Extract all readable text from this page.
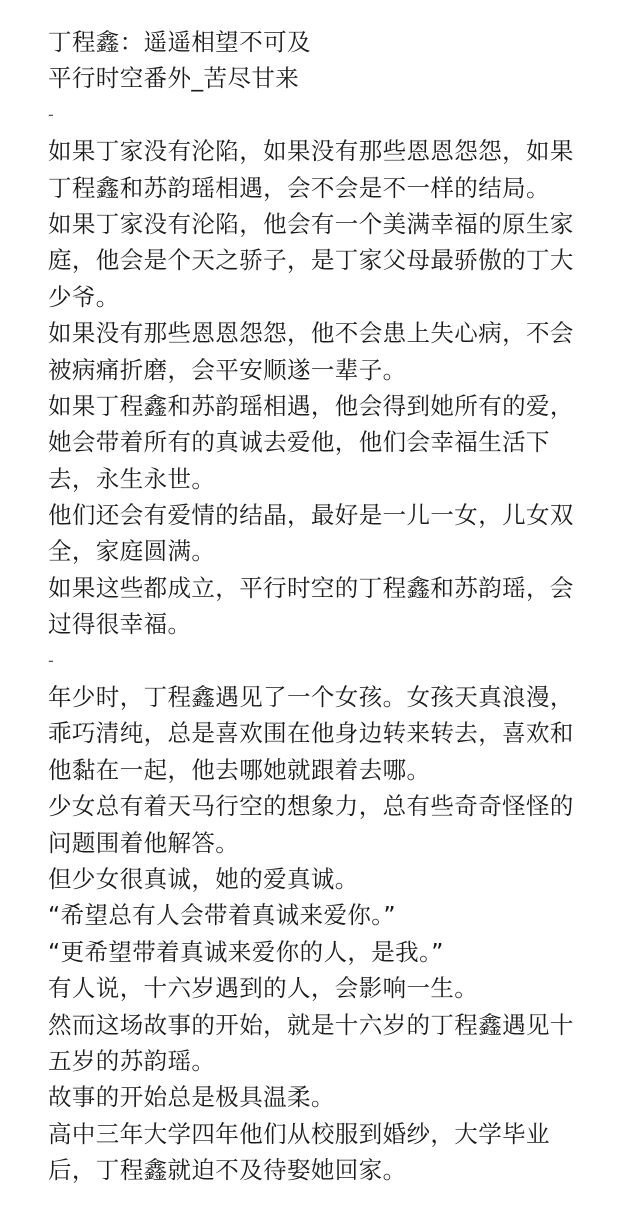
丁程鑫：遥遥相望不可及
平行时空番外_苦尽甘来
-
如果丁家没有沦陷，如果没有那些恩恩怨怨，如果
丁程鑫和苏韵瑶相遇，会不会是不一样的结局。
如果丁家没有沦陷，他会有一个美满幸福的原生家
庭，他会是个天之骄子，是丁家父母最骄傲的丁大
少爷。
如果没有那些恩恩怨怨，他不会患上失心病，不会
被病痛折磨，会平安顺遂一辈子。
如果丁程鑫和苏韵瑶相遇，他会得到她所有的爱，
她会带着所有的真诚去爱他，他们会幸福生活下
去，永生永世。
他们还会有爱情的结晶，最好是一儿一女，儿女双
全，家庭圆满。
如果这些都成立，平行时空的丁程鑫和苏韵瑶，会
过得很幸福。
-
年少时，丁程鑫遇见了一个女孩。女孩天真浪漫，
乖巧清纯，总是喜欢围在他身边转来转去，喜欢和
他黏在一起，他去哪她就跟着去哪。
少女总有着天马行空的想象力，总有些奇奇怪怪的
问题围着他解答。
但少女很真诚，她的爱真诚。
“希望总有人会带着真诚来爱你。”
“更希望带着真诚来爱你的人，是我。”
有人说，十六岁遇到的人，会影响一生。
然而这场故事的开始，就是十六岁的丁程鑫遇见十
五岁的苏韵瑶。
故事的开始总是极具温柔。
高中三年大学四年他们从校服到婚纱，大学毕业
后，丁程鑫就迫不及待娶她回家。
